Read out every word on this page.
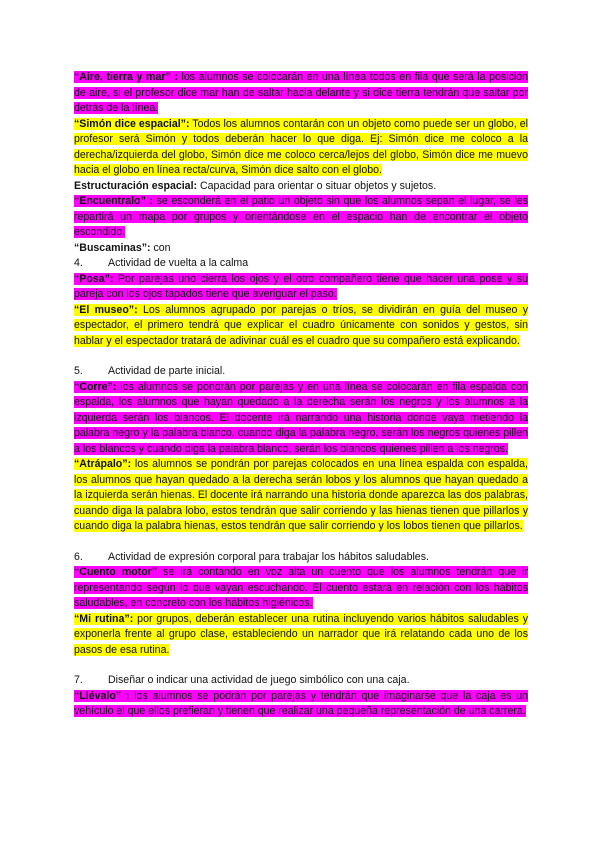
“Aire, tierra y mar” : los alumnos se colocarán en una línea todos en fila que será la posición de aire, si el profesor dice mar han de saltar hacia delante y si dice tierra tendrán que saltar por detrás de la línea.

“Simón dice espacial”: Todos los alumnos contarán con un objeto como puede ser un globo, el profesor será Simón y todos deberán hacer lo que diga. Ej: Simón dice me coloco a la derecha/izquierda del globo, Simón dice me coloco cerca/lejos del globo, Simón dice me muevo hacia el globo en línea recta/curva, Simón dice salto con el globo.

Estructuración espacial: Capacidad para orientar o situar objetos y sujetos.

“Encuentralo” : se esconderá en el patio un objeto sin que los alumnos sepan el lugar, se les repartirá un mapa por grupos y orientándose en el espacio han de encontrar el objeto escondido.

“Buscaminas”: con

4. Actividad de vuelta a la calma

“Posa”: Por parejas uno cierra los ojos y el otro compañero tiene que hacer una pose y su pareja con los ojos tapados tiene que averiguar el paso.

“El museo”: Los alumnos agrupado por parejas o tríos, se dividirán en guía del museo y espectador, el primero tendrá que explicar el cuadro únicamente con sonidos y gestos, sin hablar y el espectador tratará de adivinar cuál es el cuadro que su compañero está explicando.

5. Actividad de parte inicial.

“Corre”: los alumnos se pondrán por parejas y en una línea se colocarán en fila espalda con espalda, los alumnos que hayan quedado a la derecha serán los negros y los alumnos a la izquierda serán los blancos. El docente irá narrando una historia donde vaya metiendo la palabra negro y la palabra blanco, cuando diga la palabra negro, serán los negros quienes pillen a los blancos y cuando diga la palabra blanco, serán los blancos quienes pillen a los negros.

“Atrápalo”: los alumnos se pondrán por parejas colocados en una línea espalda con espalda, los alumnos que hayan quedado a la derecha serán lobos y los alumnos que hayan quedado a la izquierda serán hienas. El docente irá narrando una historia donde aparezca las dos palabras, cuando diga la palabra lobo, estos tendrán que salir corriendo y las hienas tienen que pillarlos y cuando diga la palabra hienas, estos tendrán que salir corriendo y los lobos tienen que pillarlos.

6. Actividad de expresión corporal para trabajar los hábitos saludables.

“Cuento motor” se irá contando en voz alta un cuento que los alumnos tendrán que ir representando según lo que vayan escuchando. El cuento estará en relación con los hábitos saludables, en concreto con los hábitos higiénicos.

“Mi rutina”: por grupos, deberán establecer una rutina incluyendo varios hábitos saludables y exponerla frente al grupo clase, estableciendo un narrador que irá relatando cada uno de los pasos de esa rutina.

7. Diseñar o indicar una actividad de juego simbólico con una caja.

“Llévalo” : los alumnos se podrán por parejas y tendrán que imaginarse que la caja es un vehículo el que ellos prefieran y tienen que realizar una pequeña representación de una carrera.
